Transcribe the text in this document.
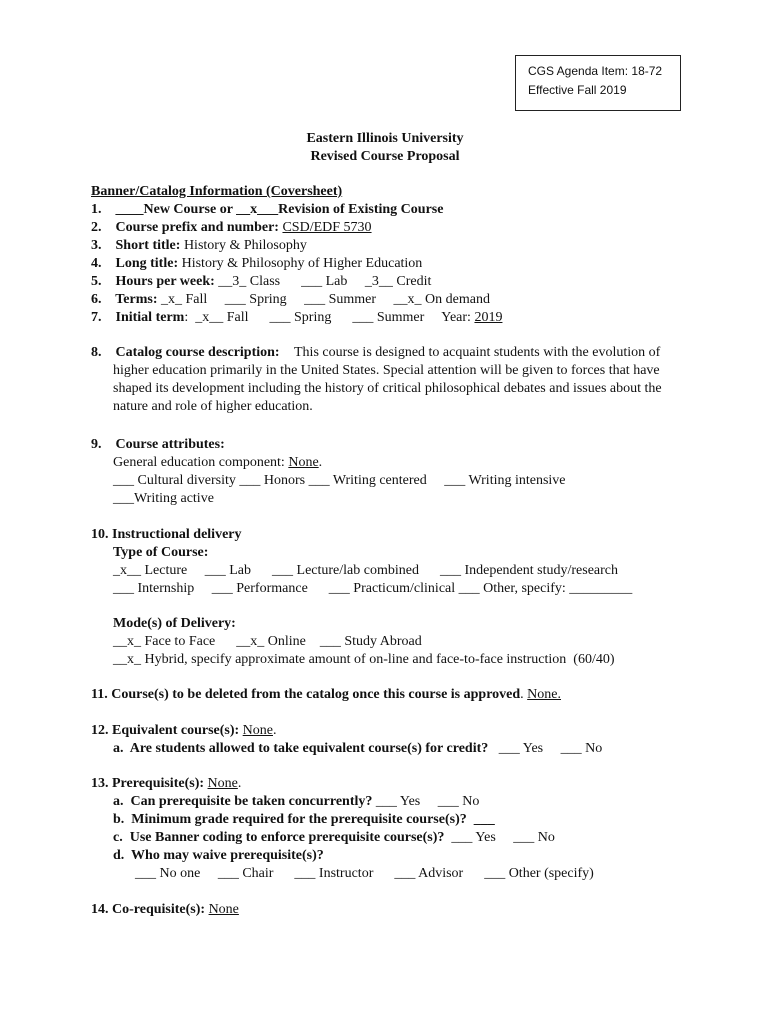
CGS Agenda Item: 18-72
Effective Fall 2019
Eastern Illinois University
Revised Course Proposal
Banner/Catalog Information (Coversheet)
1.    ____New Course or __x___Revision of Existing Course
2.    Course prefix and number: CSD/EDF 5730
3.    Short title: History & Philosophy
4.    Long title: History & Philosophy of Higher Education
5.    Hours per week: __3_ Class      ___ Lab     _3__ Credit
6.    Terms: _x_ Fall     ___ Spring     ___ Summer     __x_ On demand
7.    Initial term:  _x__ Fall      ___ Spring      ___ Summer     Year: 2019
8.    Catalog course description: This course is designed to acquaint students with the evolution of higher education primarily in the United States. Special attention will be given to forces that have shaped its development including the history of critical philosophical debates and issues about the nature and role of higher education.
9.    Course attributes:
General education component: None.
___ Cultural diversity ___ Honors ___ Writing centered     ___ Writing intensive
___Writing active
10. Instructional delivery
Type of Course:
_x__ Lecture     ___ Lab      ___ Lecture/lab combined      ___ Independent study/research
___ Internship     ___ Performance      ___ Practicum/clinical ___ Other, specify: _________
Mode(s) of Delivery:
__x_ Face to Face      __x_ Online    ___ Study Abroad
__x_ Hybrid, specify approximate amount of on-line and face-to-face instruction  (60/40)
11. Course(s) to be deleted from the catalog once this course is approved. None.
12. Equivalent course(s): None.
a.  Are students allowed to take equivalent course(s) for credit?   ___ Yes     ___ No
13. Prerequisite(s): None.
a.  Can prerequisite be taken concurrently? ___ Yes     ___ No
b.  Minimum grade required for the prerequisite course(s)?  ___
c.  Use Banner coding to enforce prerequisite course(s)?  ___ Yes     ___ No
d.  Who may waive prerequisite(s)?
___ No one     ___ Chair      ___ Instructor      ___ Advisor      ___ Other (specify)
14. Co-requisite(s): None
